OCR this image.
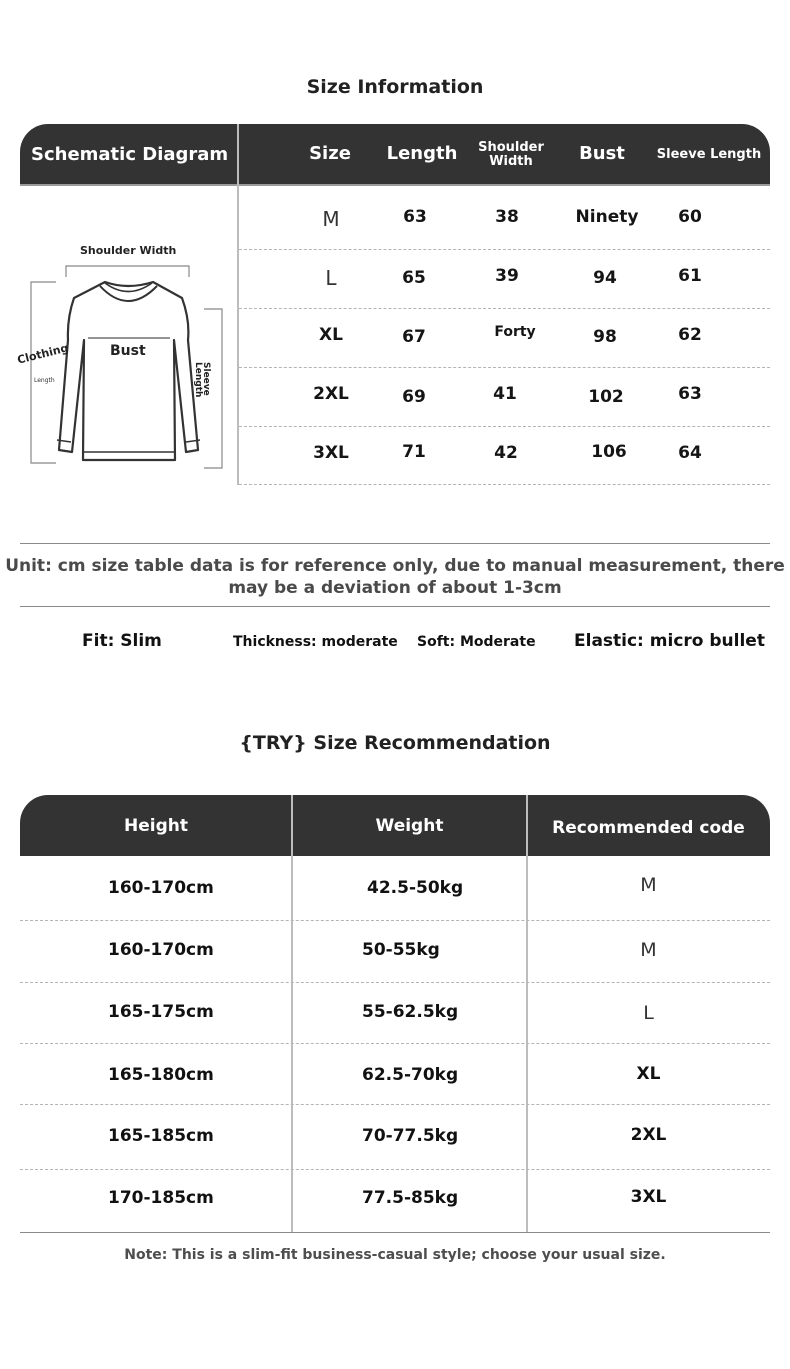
Size Information
Schematic Diagram	Size	Length	Shoulder Width	Bust	Sleeve Length
Shoulder Width
Bust
Clothing
Length	Sleeve
Length
M	63	38	Ninety	60
L	65	39	94	61
XL	67	Forty	98	62
2XL	69	41	102	63
3XL	71	42	106	64
Unit: cm size table data is for reference only, due to manual measurement, there
may be a deviation of about 1-3cm
Fit: Slim	Thickness: moderate Soft: Moderate Elastic: micro bullet
{TRY} Size Recommendation
Height	Weight	Recommended code
160-170cm	42.5-50kg	M
160-170cm	50-55kg	M
165-175cm	55-62.5kg	L
165-180cm	62.5-70kg	XL
165-185cm	70-77.5kg	2XL
170-185cm	77.5-85kg	3XL
Note: This is a slim-fit business-casual style; choose your usual size.
